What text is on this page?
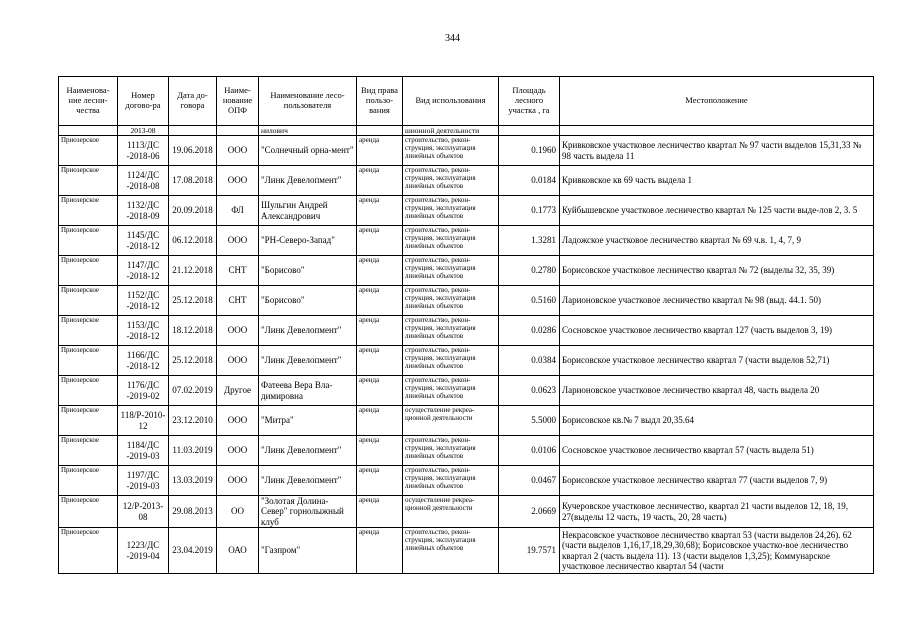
344
Наименова-ние лесни-чества	Номер догово-ра	Дата до-говора	Наиме-нование ОПФ	Наименование лесо-пользователя	Вид права пользо-вания	Вид использования	Площадь лесного участка , га	Местоположение
	2013-08			нилович		шионной деятельности		
Приозерское	1113/ДС -2018-06	19.06.2018	ООО	"Солнечный орна-мент"	аренда	строительство, рекон-струкция, эксплуатация линейных объектов	0.1960	Кривковское участковое лесничество квартал № 97 части выделов 15,31,33 № 98 часть выдела 11
Приозерское	1124/ДС -2018-08	17.08.2018	ООО	"Линк Девелопмент"	аренда	строительство, рекон-струкция, эксплуатация линейных объектов	0.0184	Кривковское кв 69 часть выдела 1
Приозерское	1132/ДС -2018-09	20.09.2018	ФЛ	Шульгин Андрей Александрович	аренда	строительство, рекон-струкция, эксплуатация линейных объектов	0.1773	Куйбышевское участковое лесничество квартал № 125 части выде-лов 2, 3. 5
Приозерское	1145/ДС -2018-12	06.12.2018	ООО	"РН-Северо-Запад"	аренда	строительство, рекон-струкция, эксплуатация линейных объектов	1.3281	Ладожское участковое лесничество квартал № 69 ч.в. 1, 4, 7, 9
Приозерское	1147/ДС -2018-12	21.12.2018	СНТ	"Борисово"	аренда	строительство, рекон-струкция, эксплуатация линейных объектов	0.2780	Борисовское участковое лесничество квартал № 72 (выделы 32, 35, 39)
Приозерское	1152/ДС -2018-12	25.12.2018	СНТ	"Борисово"	аренда	строительство, рекон-струкция, эксплуатация линейных объектов	0.5160	Ларионовское участковое лесничество квартал № 98 (выд. 44.1. 50)
Приозерское	1153/ДС -2018-12	18.12.2018	ООО	"Линк Девелопмент"	аренда	строительство, рекон-струкция, эксплуатация линейных объектов	0.0286	Сосновское участковое лесничество квартал 127 (часть выделов 3, 19)
Приозерское	1166/ДС -2018-12	25.12.2018	ООО	"Линк Девелопмент"	аренда	строительство, рекон-струкция, эксплуатация линейных объектов	0.0384	Борисовское участковое лесничество квартал 7 (части выделов 52,71)
Приозерское	1176/ДС -2019-02	07.02.2019	Другое	Фатеева Вера Вла-димировна	аренда	строительство, рекон-струкция, эксплуатация линейных объектов	0.0623	Ларионовское участковое лесничество квартал 48, часть выдела 20
Приозерское	118/Р-2010-12	23.12.2010	ООО	"Митра"	аренда	осуществление рекреа-ционной деятельности	5.5000	Борисовское кв.№ 7 выдл 20,35.64
Приозерское	1184/ДС -2019-03	11.03.2019	ООО	"Линк Девелопмент"	аренда	строительство, рекон-струкция, эксплуатация линейных объектов	0.0106	Сосновское участковое лесничество квартал 57 (часть выдела 51)
Приозерское	1197/ДС -2019-03	13.03.2019	ООО	"Линк Девелопмент"	аренда	строительство, рекон-струкция, эксплуатация линейных объектов	0.0467	Борисовское участковое лесничество квартал 77 (части выделов 7, 9)
Приозерское	12/Р-2013-08	29.08.2013	ОО	"Золотая Долина-Север" горнолыжный клуб	аренда	осуществление рекреа-ционной деятельности	2.0669	Кучеровское участковое лесничество, квартал 21 части выделов 12, 18, 19, 27(выделы 12 часть, 19 часть, 20, 28 часть)
Приозерское	1223/ДС -2019-04	23.04.2019	ОАО	"Газпром"	аренда	строительство, рекон-струкция, эксплуатация линейных объектов	19.7571	Некрасовское участковое лесничество квартал 53 (части выделов 24,26). 62 (части выделов 1,16,17,18,29,30,68); Борисовское участко-вое лесничество квартал 2 (часть выдела 11). 13 (части выделов 1,3,25); Коммунарское участковое лесничество квартал 54 (части
